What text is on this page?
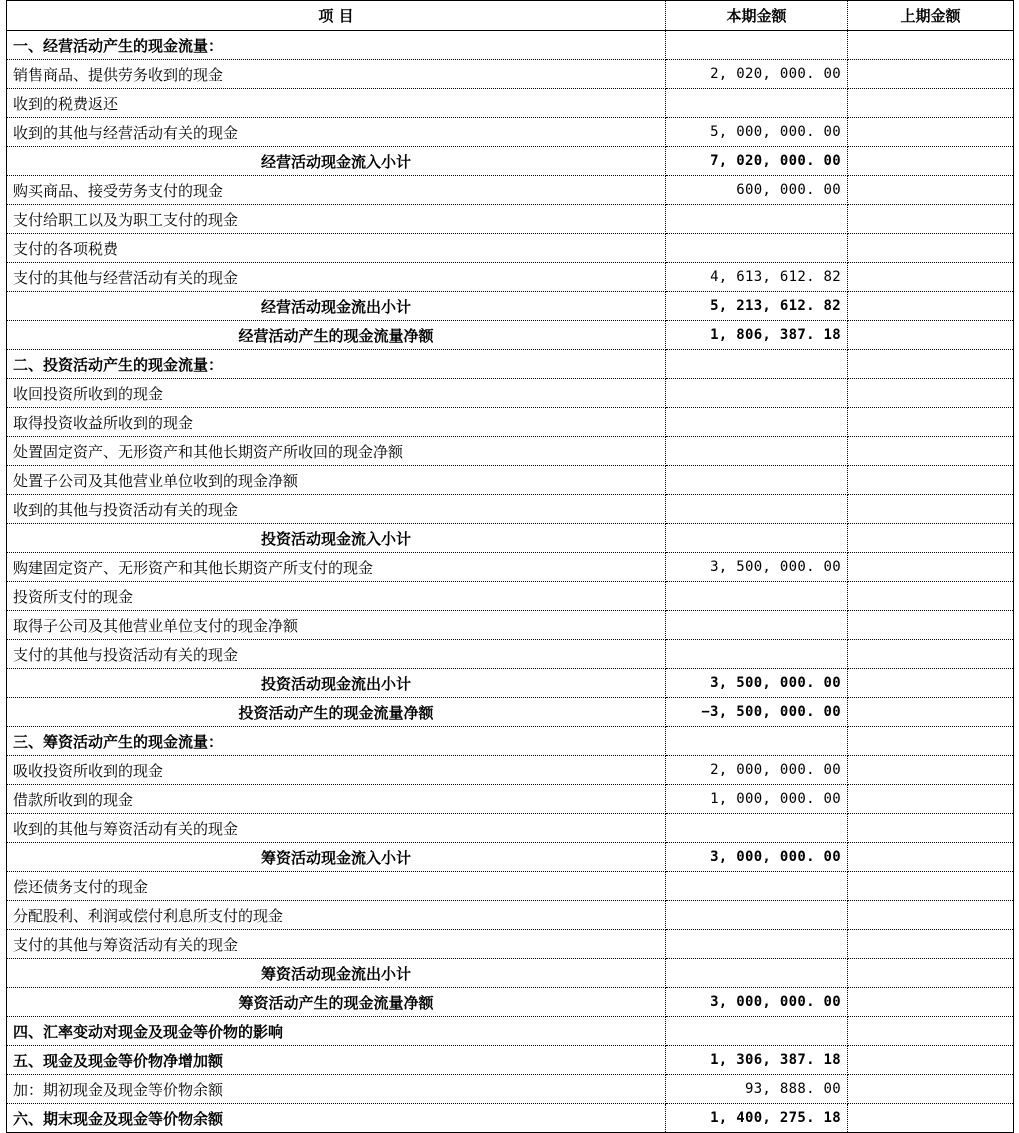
项 目	本期金额	上期金额
一、经营活动产生的现金流量：		
销售商品、提供劳务收到的现金	2, 020, 000. 00	
收到的税费返还		
收到的其他与经营活动有关的现金	5, 000, 000. 00	
经营活动现金流入小计	7, 020, 000. 00	
购买商品、接受劳务支付的现金	600, 000. 00	
支付给职工以及为职工支付的现金		
支付的各项税费		
支付的其他与经营活动有关的现金	4, 613, 612. 82	
经营活动现金流出小计	5, 213, 612. 82	
经营活动产生的现金流量净额	1, 806, 387. 18	
二、投资活动产生的现金流量：		
收回投资所收到的现金		
取得投资收益所收到的现金		
处置固定资产、无形资产和其他长期资产所收回的现金净额		
处置子公司及其他营业单位收到的现金净额		
收到的其他与投资活动有关的现金		
投资活动现金流入小计		
购建固定资产、无形资产和其他长期资产所支付的现金	3, 500, 000. 00	
投资所支付的现金		
取得子公司及其他营业单位支付的现金净额		
支付的其他与投资活动有关的现金		
投资活动现金流出小计	3, 500, 000. 00	
投资活动产生的现金流量净额	−3, 500, 000. 00	
三、筹资活动产生的现金流量：		
吸收投资所收到的现金	2, 000, 000. 00	
借款所收到的现金	1, 000, 000. 00	
收到的其他与筹资活动有关的现金		
筹资活动现金流入小计	3, 000, 000. 00	
偿还债务支付的现金		
分配股利、利润或偿付利息所支付的现金		
支付的其他与筹资活动有关的现金		
筹资活动现金流出小计		
筹资活动产生的现金流量净额	3, 000, 000. 00	
四、汇率变动对现金及现金等价物的影响		
五、现金及现金等价物净增加额	1, 306, 387. 18	
加：期初现金及现金等价物余额	93, 888. 00	
六、期末现金及现金等价物余额	1, 400, 275. 18	
